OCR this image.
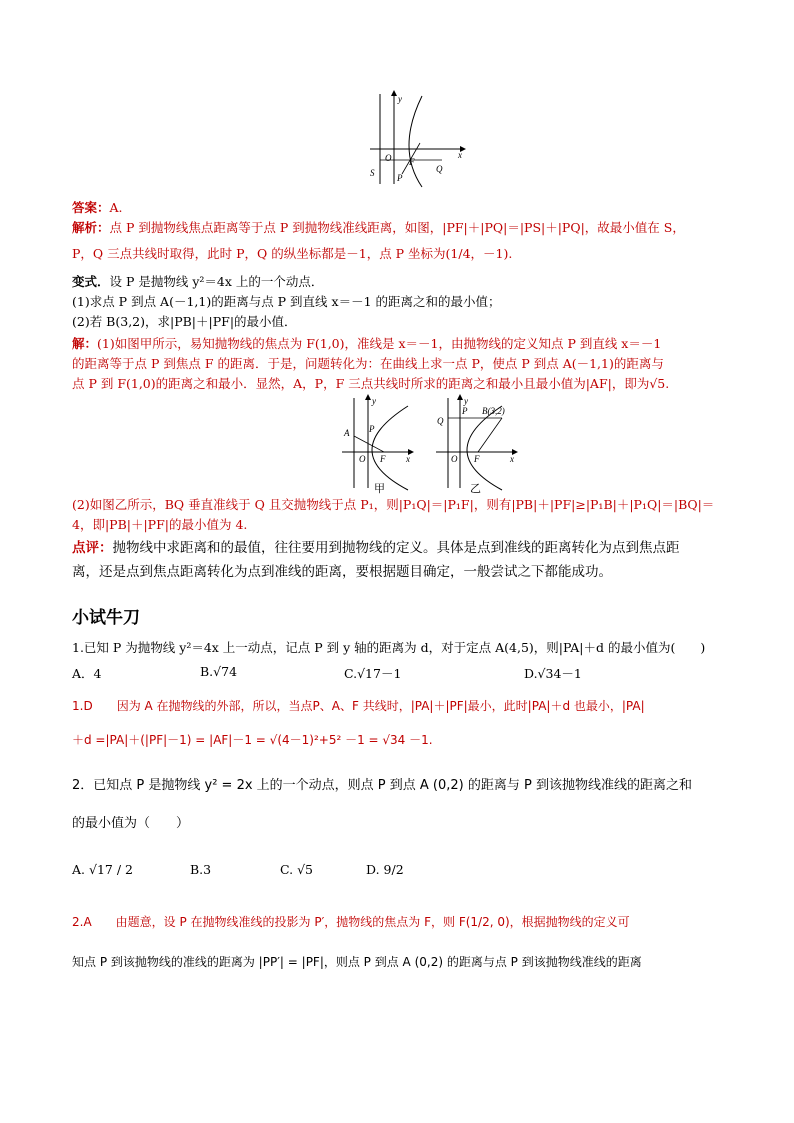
y
x
O F
S	P
Q
答案：A.
解析：点 P 到抛物线焦点距离等于点 P 到抛物线准线距离，如图，|PF|＋|PQ|＝|PS|＋|PQ|，故最小值在 S，
P，Q 三点共线时取得，此时 P，Q 的纵坐标都是－1，点 P 坐标为(1/4，－1).
变式．设 P 是抛物线 y²＝4x 上的一个动点．
(1)求点 P 到点 A(－1,1)的距离与点 P 到直线 x＝－1 的距离之和的最小值；
(2)若 B(3,2)，求|PB|＋|PF|的最小值．
解：(1)如图甲所示，易知抛物线的焦点为 F(1,0)，准线是 x＝－1，由抛物线的定义知点 P 到直线 x＝－1
的距离等于点 P 到焦点 F 的距离．于是，问题转化为：在曲线上求一点 P，使点 P 到点 A(－1,1)的距离与
点 P 到 F(1,0)的距离之和最小．显然，A，P，F 三点共线时所求的距离之和最小且最小值为|AF|，即为√5.
y
x
A P
O F
y
x
Q
P B(3,2)
O F
甲	乙
(2)如图乙所示，BQ 垂直准线于 Q 且交抛物线于点 P₁，则|P₁Q|＝|P₁F|，则有|PB|＋|PF|≥|P₁B|＋|P₁Q|＝|BQ|＝
4，即|PB|＋|PF|的最小值为 4.
点评：抛物线中求距离和的最值，往往要用到抛物线的定义。具体是点到准线的距离转化为点到焦点距
离，还是点到焦点距离转化为点到准线的距离，要根据题目确定，一般尝试之下都能成功。
小试牛刀
1.已知 P 为抛物线 y²＝4x 上一动点，记点 P 到 y 轴的距离为 d，对于定点 A(4,5)，则|PA|＋d 的最小值为(　　)
A．4	B.√74	C.√17－1	D.√34－1
1.D　　因为 A 在抛物线的外部，所以，当点P、A、F 共线时，|PA|＋|PF|最小，此时|PA|＋d 也最小，|PA|
＋d =|PA|＋(|PF|－1) = |AF|－1 = √(4－1)²+5² －1 = √34 －1.
2．已知点 P 是抛物线 y² = 2x 上的一个动点，则点 P 到点 A (0,2) 的距离与 P 到该抛物线准线的距离之和
的最小值为（　　）
A. √17 / 2	B.3	C. √5	D. 9/2
2.A　　由题意，设 P 在抛物线准线的投影为 P′，抛物线的焦点为 F，则 F(1/2, 0)，根据抛物线的定义可
知点 P 到该抛物线的准线的距离为 |PP′| = |PF|，则点 P 到点 A (0,2) 的距离与点 P 到该抛物线准线的距离
